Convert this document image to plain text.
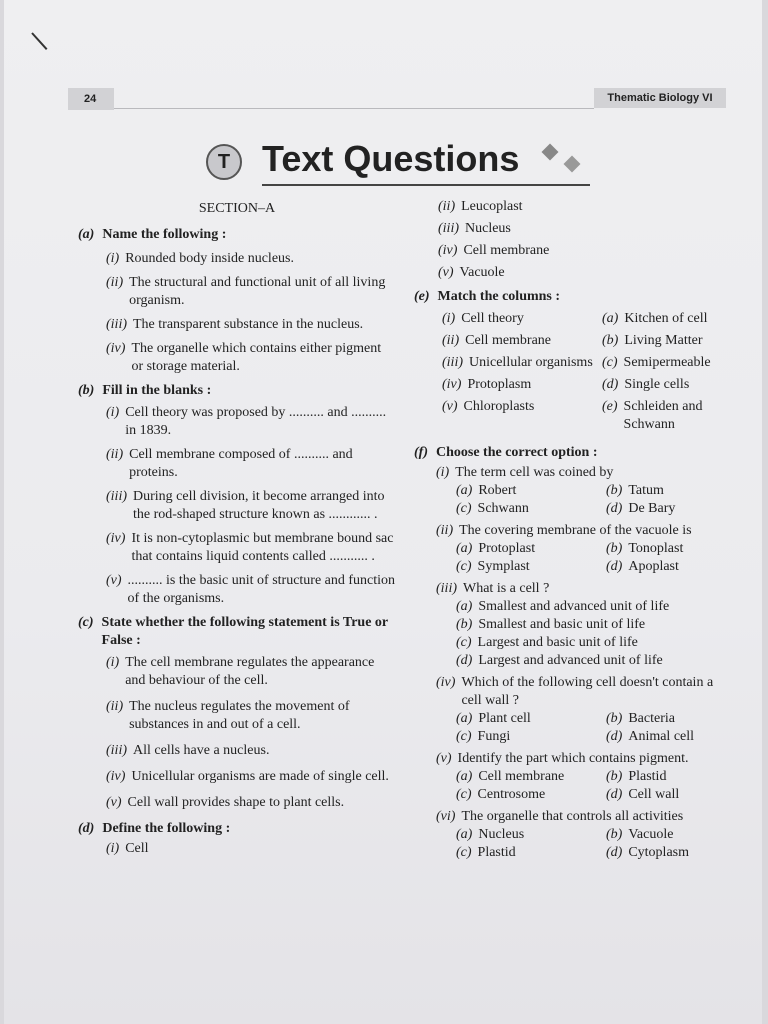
24	Thematic Biology VI
T Text Questions
SECTION–A
(a) Name the following :
(i) Rounded body inside nucleus.
(ii) The structural and functional unit of all living organism.
(iii) The transparent substance in the nucleus.
(iv) The organelle which contains either pigment or storage material.
(b) Fill in the blanks :
(i) Cell theory was proposed by .......... and .......... in 1839.
(ii) Cell membrane composed of .......... and proteins.
(iii) During cell division, it become arranged into the rod-shaped structure known as ............ .
(iv) It is non-cytoplasmic but membrane bound sac that contains liquid contents called ........... .
(v) .......... is the basic unit of structure and function of the organisms.
(c) State whether the following statement is True or False :
(i) The cell membrane regulates the appearance and behaviour of the cell.
(ii) The nucleus regulates the movement of substances in and out of a cell.
(iii) All cells have a nucleus.
(iv) Unicellular organisms are made of single cell.
(v) Cell wall provides shape to plant cells.
(d) Define the following :
(i) Cell
(ii) Leucoplast
(iii) Nucleus
(iv) Cell membrane
(v) Vacuole
(e) Match the columns :
(i) Cell theory	(a) Kitchen of cell
(ii) Cell membrane	(b) Living Matter
(iii) Unicellular organisms (c) Semipermeable
(iv) Protoplasm	(d) Single cells
(v) Chloroplasts	(e) Schleiden and Schwann
(f) Choose the correct option :
(i) The term cell was coined by
(a) Robert	(b) Tatum
(c) Schwann	(d) De Bary
(ii) The covering membrane of the vacuole is
(a) Protoplast	(b) Tonoplast
(c) Symplast	(d) Apoplast
(iii) What is a cell ?
(a) Smallest and advanced unit of life
(b) Smallest and basic unit of life
(c) Largest and basic unit of life
(d) Largest and advanced unit of life
(iv) Which of the following cell doesn't contain a cell wall ?
(a) Plant cell	(b) Bacteria
(c) Fungi	(d) Animal cell
(v) Identify the part which contains pigment.
(a) Cell membrane	(b) Plastid
(c) Centrosome	(d) Cell wall
(vi) The organelle that controls all activities
(a) Nucleus	(b) Vacuole
(c) Plastid	(d) Cytoplasm
